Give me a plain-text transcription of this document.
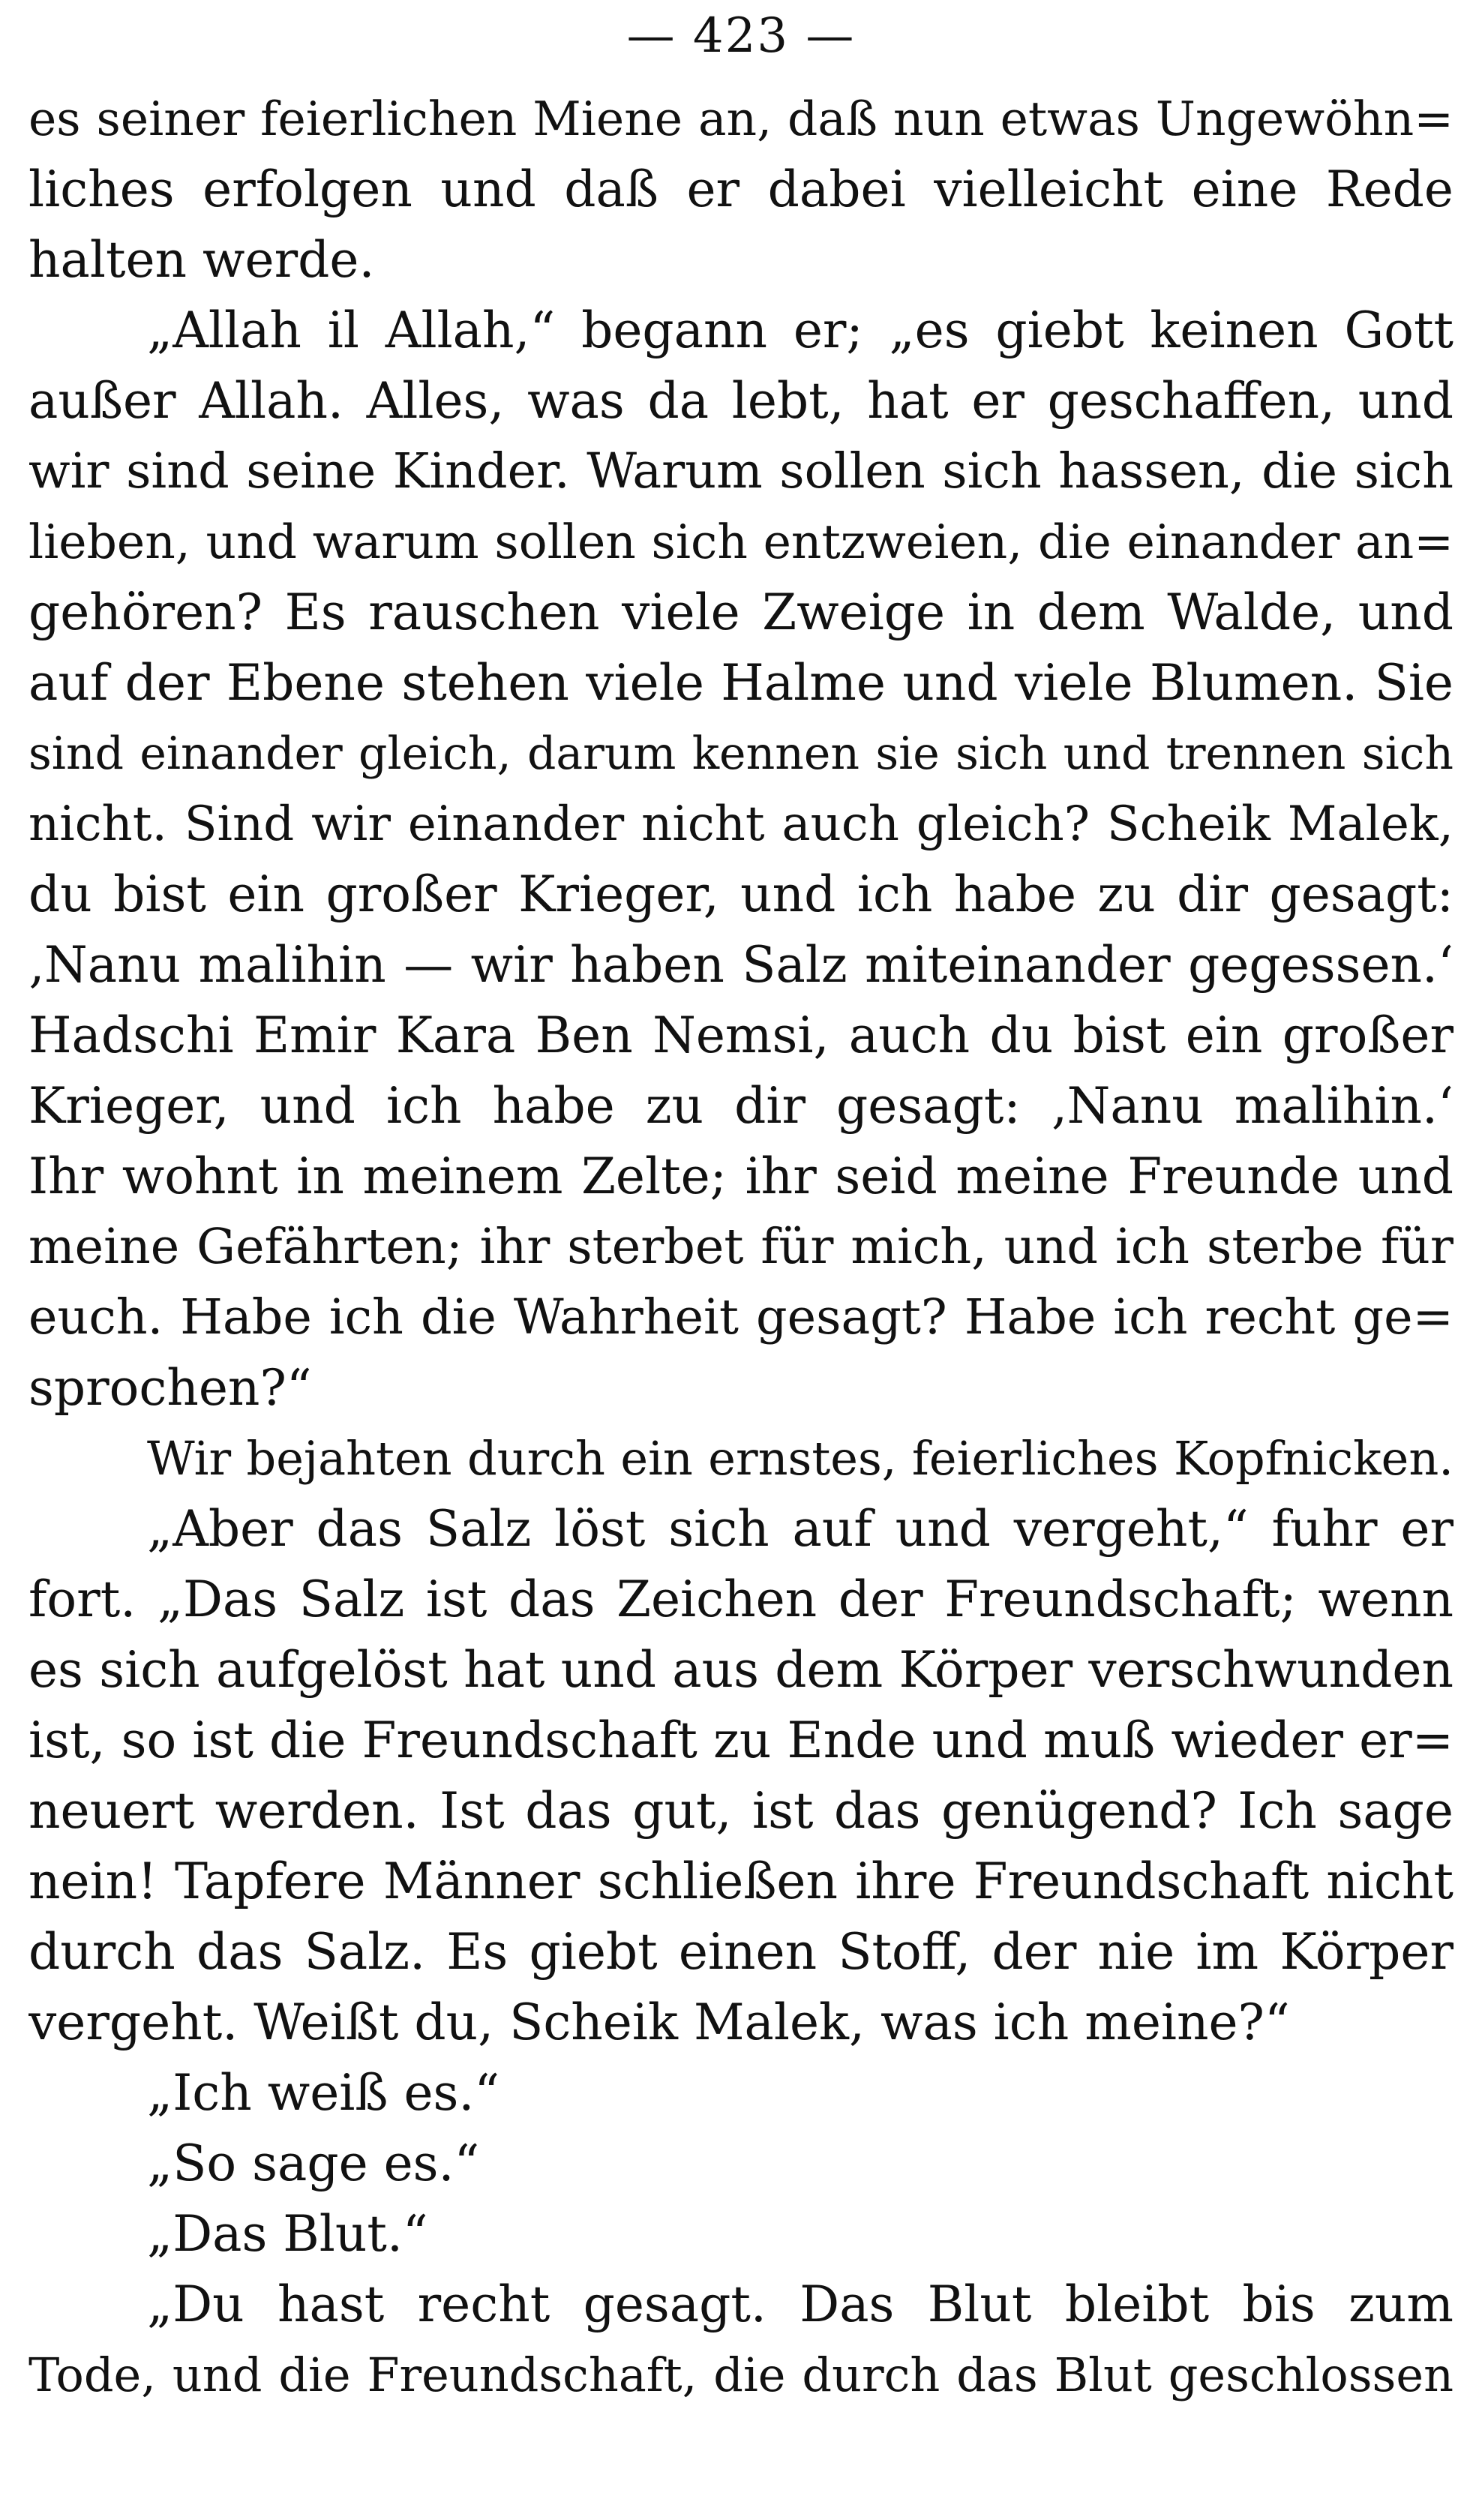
— 423 —
es seiner feierlichen Miene an, daß nun etwas Ungewöhn=
liches erfolgen und daß er dabei vielleicht eine Rede
halten werde.
„Allah il Allah,“ begann er; „es giebt keinen Gott
außer Allah. Alles, was da lebt, hat er geschaffen, und
wir sind seine Kinder. Warum sollen sich hassen, die sich
lieben, und warum sollen sich entzweien, die einander an=
gehören? Es rauschen viele Zweige in dem Walde, und
auf der Ebene stehen viele Halme und viele Blumen. Sie
sind einander gleich, darum kennen sie sich und trennen sich
nicht. Sind wir einander nicht auch gleich? Scheik Malek,
du bist ein großer Krieger, und ich habe zu dir gesagt:
‚Nanu malihin — wir haben Salz miteinander gegessen.‘
Hadschi Emir Kara Ben Nemsi, auch du bist ein großer
Krieger, und ich habe zu dir gesagt: ‚Nanu malihin.‘
Ihr wohnt in meinem Zelte; ihr seid meine Freunde und
meine Gefährten; ihr sterbet für mich, und ich sterbe für
euch. Habe ich die Wahrheit gesagt? Habe ich recht ge=
sprochen?“
Wir bejahten durch ein ernstes, feierliches Kopfnicken.
„Aber das Salz löst sich auf und vergeht,“ fuhr er
fort. „Das Salz ist das Zeichen der Freundschaft; wenn
es sich aufgelöst hat und aus dem Körper verschwunden
ist, so ist die Freundschaft zu Ende und muß wieder er=
neuert werden. Ist das gut, ist das genügend? Ich sage
nein! Tapfere Männer schließen ihre Freundschaft nicht
durch das Salz. Es giebt einen Stoff, der nie im Körper
vergeht. Weißt du, Scheik Malek, was ich meine?“
„Ich weiß es.“
„So sage es.“
„Das Blut.“
„Du hast recht gesagt. Das Blut bleibt bis zum
Tode, und die Freundschaft, die durch das Blut geschlossen
